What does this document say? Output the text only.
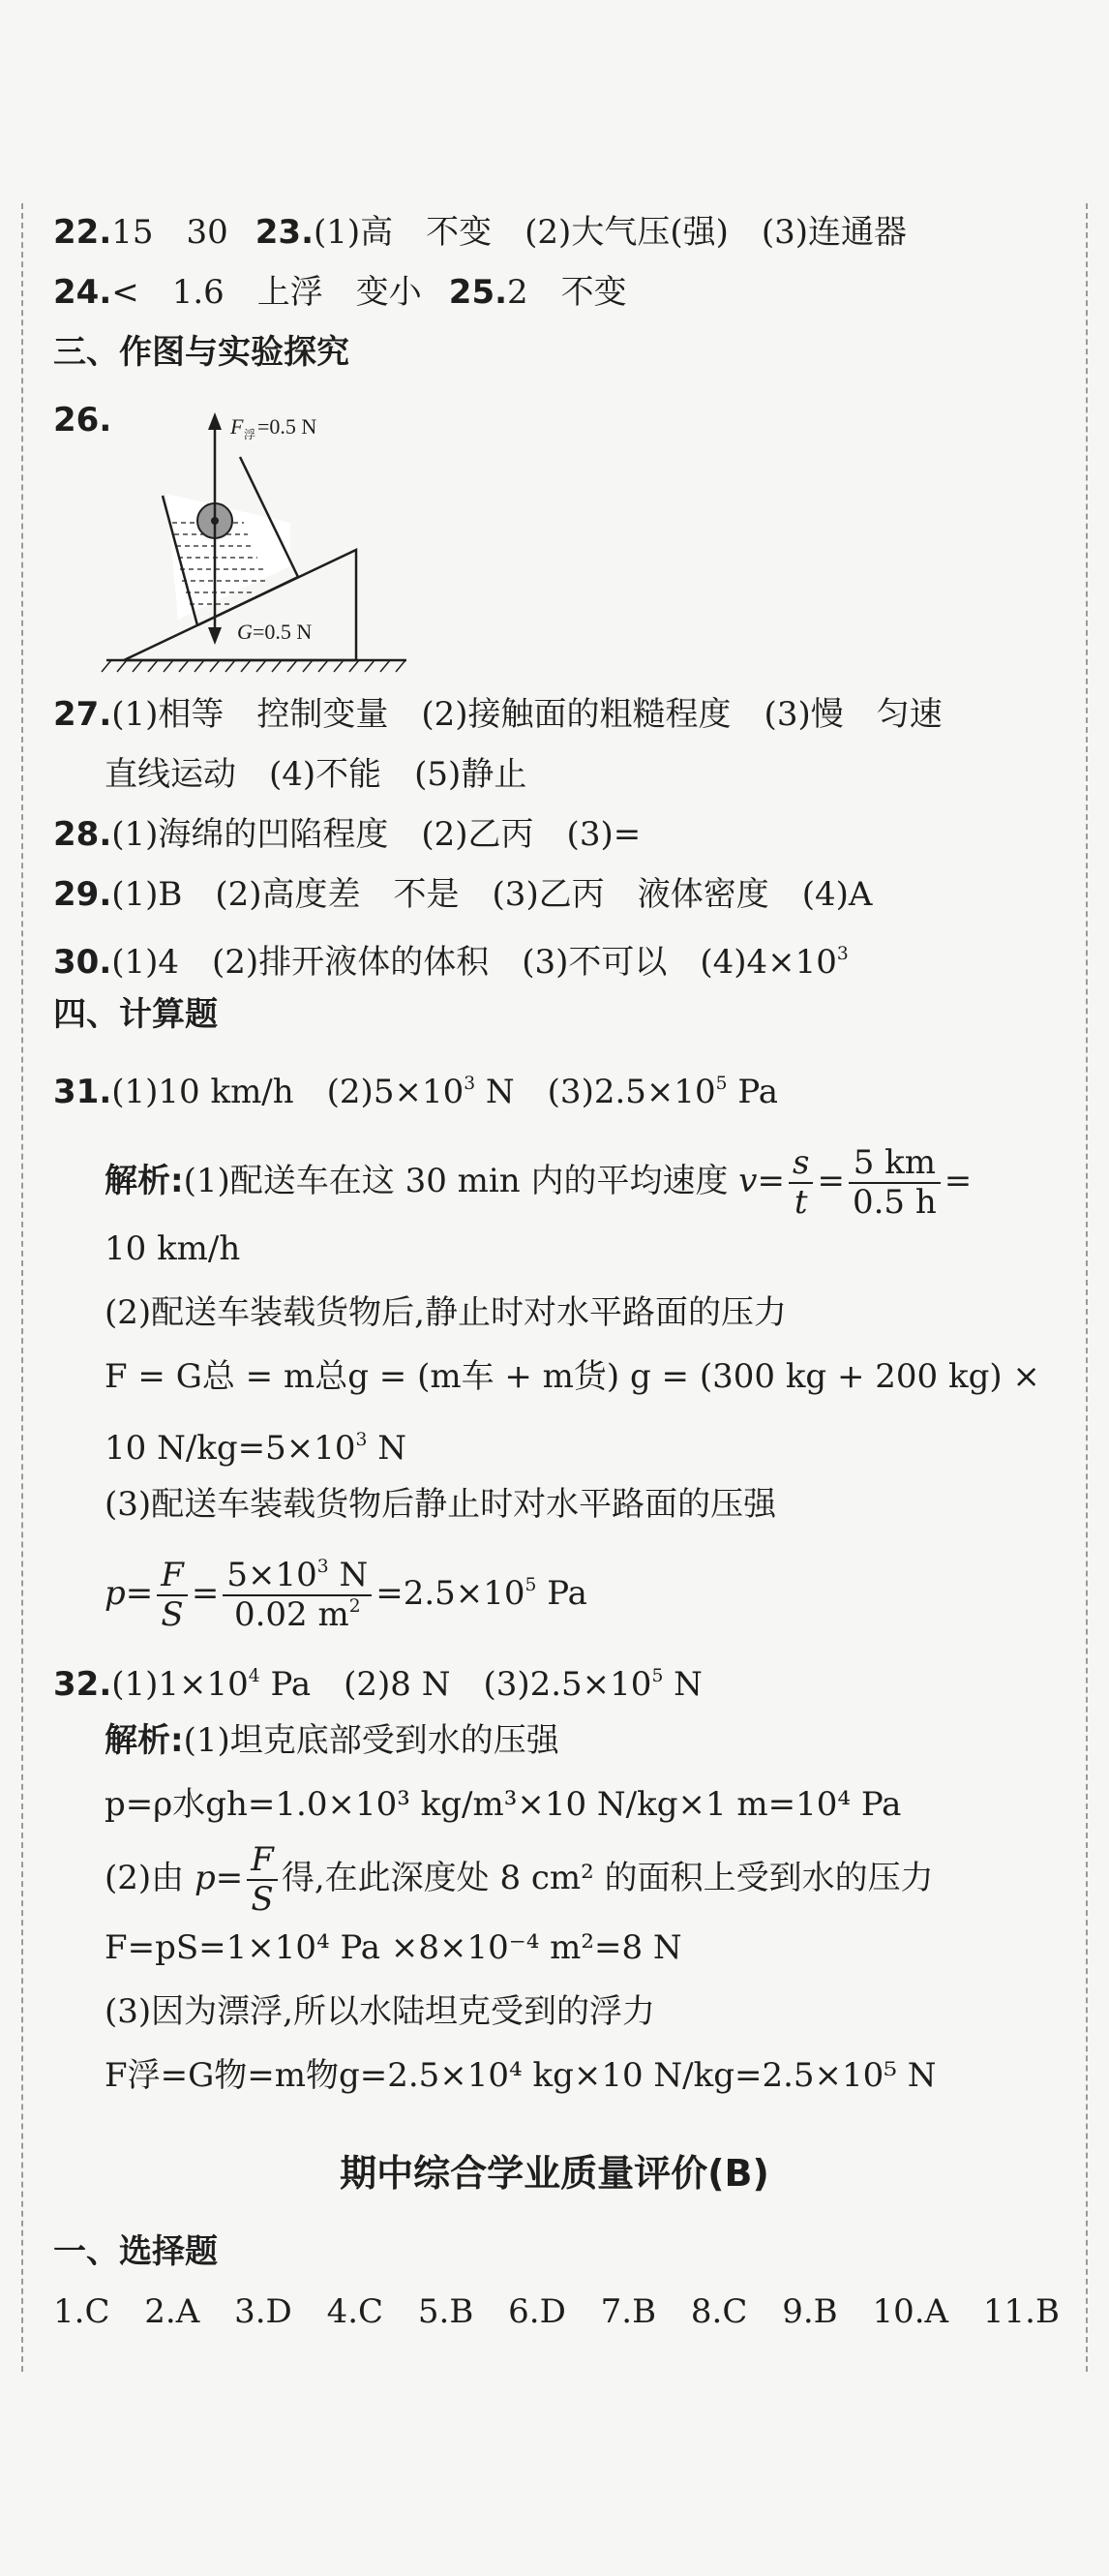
22.15　30 23.(1)高　不变　(2)大气压(强)　(3)连通器
24.<　1.6　上浮　变小 25.2　不变
三、作图与实验探究
26.	F 浮 =0.5 N
G =0.5 N
27.(1)相等　控制变量　(2)接触面的粗糙程度　(3)慢　匀速
直线运动　(4)不能　(5)静止
28.(1)海绵的凹陷程度　(2)乙丙　(3)=
29.(1)B　(2)高度差　不是　(3)乙丙　液体密度　(4)A
30.(1)4　(2)排开液体的体积　(3)不可以　$(4)4\times 10^3$
四、计算题
31.(1)10 km/h　$(2)5\times 10^3$ N　$(3)2.5\times 10^5$ Pa
解析:(1)配送车在这 30 min 内的平均速度 $v= \frac{s}{t} = \frac{5 km}{0.5 h}$ =
10 km/h
(2)配送车装载货物后,静止时对水平路面的压力
F = G总 = m总g = (m车 + m货) g = (300 kg + 200 kg) ×
10 $N/kg=5\times 10^3$ N
(3)配送车装载货物后静止时对水平路面的压强
$p= \frac{F}{S} = \frac{5\times 10^3 N}{0.02 m^2} =2.5\times 10^5$ Pa
$32.(1)1\times 10^4$ Pa　(2)8 N　$(3)2.5\times 10^5$ N
解析:(1)坦克底部受到水的压强
p=ρ水gh=1.0×10³ kg/m³×10 N/kg×1 m=10⁴ Pa
(2)由 $p= \frac{F}{S}$ 得,在此深度处 8 cm² 的面积上受到水的压力
F=pS=1×10⁴ Pa ×8×10⁻⁴ m²=8 N
(3)因为漂浮,所以水陆坦克受到的浮力
F浮=G物=m物g=2.5×10⁴ kg×10 N/kg=2.5×10⁵ N
期中综合学业质量评价(B)
一、选择题
1.C 2.A 3.D 4.C 5.B 6.D 7.B 8.C 9.B 10.A 11.B
